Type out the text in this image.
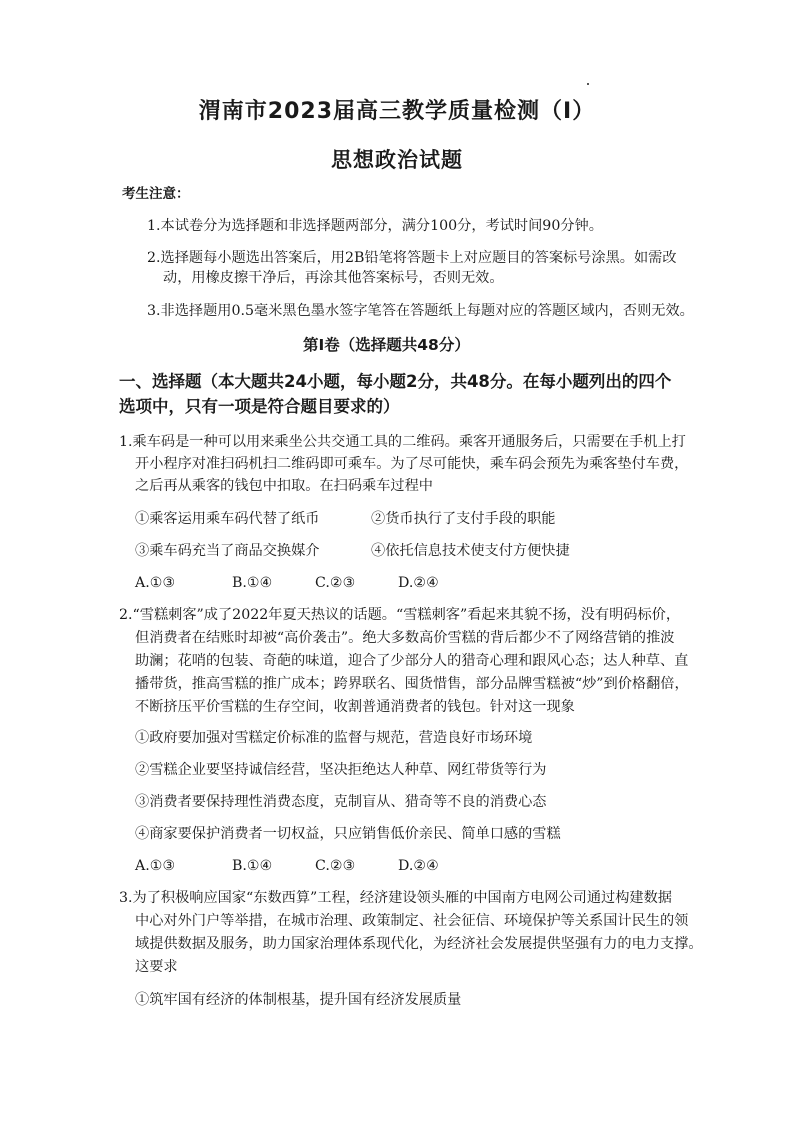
渭南市2023届高三教学质量检测（Ⅰ）
思想政治试题
考生注意：
1.本试卷分为选择题和非选择题两部分，满分100分，考试时间90分钟。
2.选择题每小题选出答案后，用2B铅笔将答题卡上对应题目的答案标号涂黑。如需改
动，用橡皮擦干净后，再涂其他答案标号，否则无效。
3.非选择题用0.5毫米黑色墨水签字笔答在答题纸上每题对应的答题区域内，否则无效。
第Ⅰ卷（选择题共48分）
一、选择题（本大题共24小题，每小题2分，共48分。在每小题列出的四个
选项中，只有一项是符合题目要求的）
1.乘车码是一种可以用来乘坐公共交通工具的二维码。乘客开通服务后，只需要在手机上打
开小程序对准扫码机扫二维码即可乘车。为了尽可能快，乘车码会预先为乘客垫付车费，
之后再从乘客的钱包中扣取。在扫码乘车过程中
①乘客运用乘车码代替了纸币	②货币执行了支付手段的职能
③乘车码充当了商品交换媒介	④依托信息技术使支付方便快捷
A.①③	B.①④	C.②③	D.②④
2.“雪糕刺客”成了2022年夏天热议的话题。“雪糕刺客”看起来其貌不扬，没有明码标价，
但消费者在结账时却被“高价袭击”。绝大多数高价雪糕的背后都少不了网络营销的推波
助澜；花哨的包装、奇葩的味道，迎合了少部分人的猎奇心理和跟风心态；达人种草、直
播带货，推高雪糕的推广成本；跨界联名、囤货惜售，部分品牌雪糕被“炒”到价格翻倍，
不断挤压平价雪糕的生存空间，收割普通消费者的钱包。针对这一现象
①政府要加强对雪糕定价标准的监督与规范，营造良好市场环境
②雪糕企业要坚持诚信经营，坚决拒绝达人种草、网红带货等行为
③消费者要保持理性消费态度，克制盲从、猎奇等不良的消费心态
④商家要保护消费者一切权益，只应销售低价亲民、简单口感的雪糕
A.①③	B.①④	C.②③	D.②④
3.为了积极响应国家“东数西算”工程，经济建设领头雁的中国南方电网公司通过构建数据
中心对外门户等举措，在城市治理、政策制定、社会征信、环境保护等关系国计民生的领
域提供数据及服务，助力国家治理体系现代化，为经济社会发展提供坚强有力的电力支撑。
这要求
①筑牢国有经济的体制根基，提升国有经济发展质量
